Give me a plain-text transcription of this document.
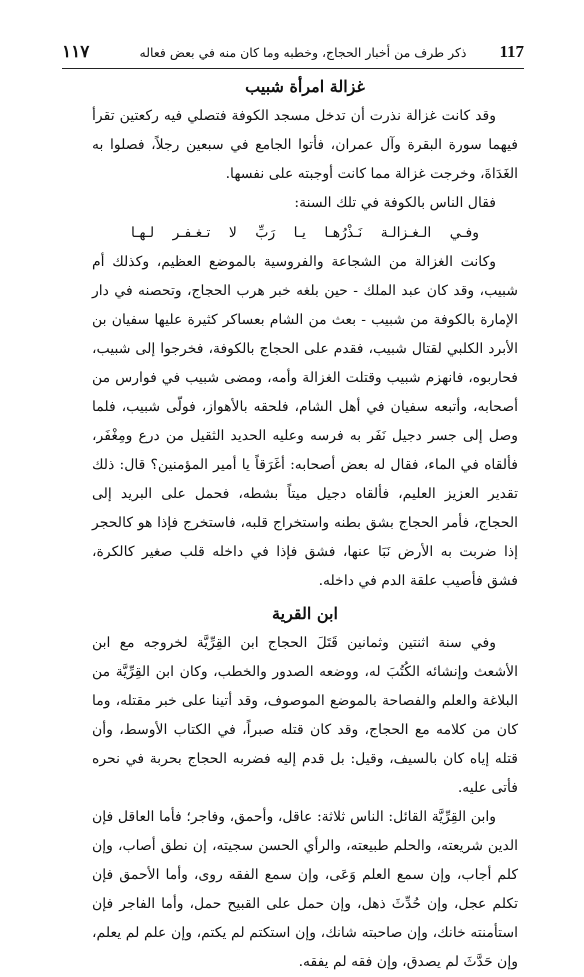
١١٧	ذكر طرف من أخبار الحجاج، وخطبه وما كان منه في بعض فعاله	117
غزالة امرأة شبيب

وقد كانت غزالة نذرت أن تدخل مسجد الكوفة فتصلي فيه ركعتين تقرأ فيهما سورة البقرة وآل عمران، فأتوا الجامع في سبعين رجلاً، فصلوا به الغَدَاةَ، وخرجت غزالة مما كانت أوجبته على نفسها.

فقال الناس بالكوفة في تلك السنة:

وفـي الـغـزالـة نَـذْرُهـا يـا رَبِّ لا تـغـفـر لـهـا

وكانت الغزالة من الشجاعة والفروسية بالموضع العظيم، وكذلك أم شبيب، وقد كان عبد الملك - حين بلغه خبر هرب الحجاج، وتحصنه في دار الإمارة بالكوفة من شبيب - بعث من الشام بعساكر كثيرة عليها سفيان بن الأبرد الكلبي لقتال شبيب، فقدم على الحجاج بالكوفة، فخرجوا إلى شبيب، فحاربوه، فانهزم شبيب وقتلت الغزالة وأمه، ومضى شبيب في فوارس من أصحابه، وأتبعه سفيان في أهل الشام، فلحقه بالأهواز، فولّى شبيب، فلما وصل إلى جسر دجيل نَفَر به فرسه وعليه الحديد الثقيل من درع ومِغْفَر، فألقاه في الماء، فقال له بعض أصحابه: أغَرَقاً يا أمير المؤمنين؟ قال: ذلك تقدير العزيز العليم، فألقاه دجيل ميتاً بشطه، فحمل على البريد إلى الحجاج، فأمر الحجاج بشق بطنه واستخراج قلبه، فاستخرج فإذا هو كالحجر إذا ضربت به الأرض نَبَا عنها، فشق فإذا في داخله قلب صغير كالكرة، فشق فأصيب علقة الدم في داخله.

ابن القرية

وفي سنة اثنتين وثمانين قَتَلَ الحجاج ابن القِرِّيَّة لخروجه مع ابن الأشعث وإنشائه الكُتُبَ له، ووضعه الصدور والخطب، وكان ابن القِرِّيَّة من البلاغة والعلم والفصاحة بالموضع الموصوف، وقد أتينا على خبر مقتله، وما كان من كلامه مع الحجاج، وقد كان قتله صبراً، في الكتاب الأوسط، وأن قتله إياه كان بالسيف، وقيل: بل قدم إليه فضربه الحجاج بحربة في نحره فأتى عليه.

وابن القِرِّيَّة القائل: الناس ثلاثة: عاقل، وأحمق، وفاجر؛ فأما العاقل فإن الدين شريعته، والحلم طبيعته، والرأي الحسن سجيته، إن نطق أصاب، وإن كلم أجاب، وإن سمع العلم وَعَى، وإن سمع الفقه روى، وأما الأحمق فإن تكلم عجل، وإن حُدِّثَ ذهل، وإن حمل على القبيح حمل، وأما الفاجر فإن استأمنته خانك، وإن صاحبته شانك، وإن استكتم لم يكتم، وإن علم لم يعلم، وإن حَدَّثَ لم يصدق، وإن فقه لم يفقه.
